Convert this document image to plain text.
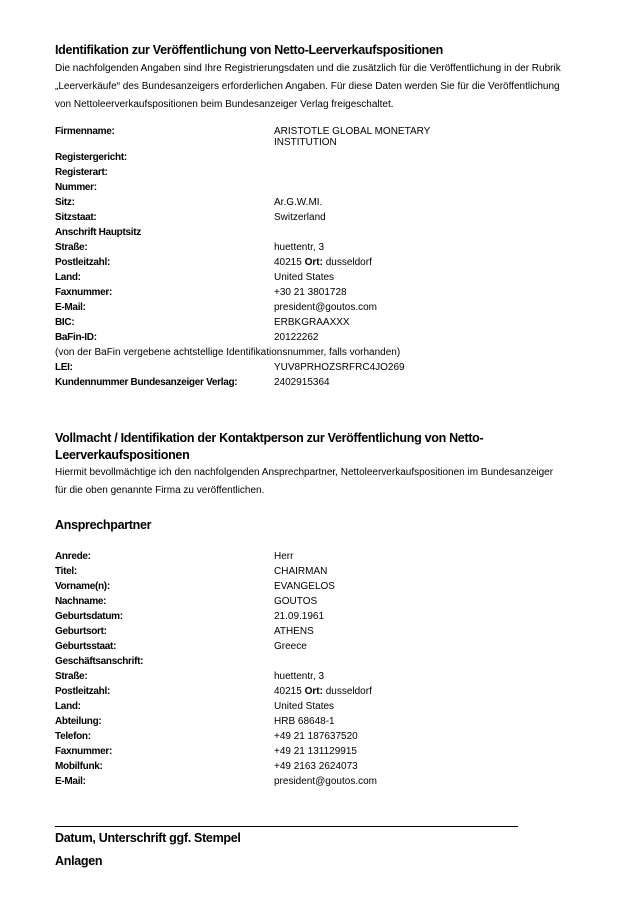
Identifikation zur Veröffentlichung von Netto-Leerverkaufspositionen
Die nachfolgenden Angaben sind Ihre Registrierungsdaten und die zusätzlich für die Veröffentlichung in der Rubrik
„Leerverkäufe“ des Bundesanzeigers erforderlichen Angaben. Für diese Daten werden Sie für die Veröffentlichung
von Nettoleerverkaufspositionen beim Bundesanzeiger Verlag freigeschaltet.
Firmenname:	ARISTOTLE GLOBAL MONETARY INSTITUTION
Registergericht:
Registerart:
Nummer:
Sitz:	Ar.G.W.MI.
Sitzstaat:	Switzerland
Anschrift Hauptsitz
Straße:	huettentr, 3
Postleitzahl:	40215 Ort: dusseldorf
Land:	United States
Faxnummer:	+30 21 3801728
E-Mail:	president@goutos.com
BIC:	ERBKGRAAXXX
BaFin-ID:	20122262
(von der BaFin vergebene achtstellige Identifikationsnummer, falls vorhanden)
LEI:	YUV8PRHOZSRFRC4JO269
Kundennummer Bundesanzeiger Verlag:	2402915364
Vollmacht / Identifikation der Kontaktperson zur Veröffentlichung von Netto-
Leerverkaufspositionen
Hiermit bevollmächtige ich den nachfolgenden Ansprechpartner, Nettoleerverkaufspositionen im Bundesanzeiger
für die oben genannte Firma zu veröffentlichen.
Ansprechpartner
Anrede:	Herr
Titel:	CHAIRMAN
Vorname(n):	EVANGELOS
Nachname:	GOUTOS
Geburtsdatum:	21.09.1961
Geburtsort:	ATHENS
Geburtsstaat:	Greece
Geschäftsanschrift:
Straße:	huettentr, 3
Postleitzahl:	40215 Ort: dusseldorf
Land:	United States
Abteilung:	HRB 68648-1
Telefon:	+49 21 187637520
Faxnummer:	+49 21 131129915
Mobilfunk:	+49 2163 2624073
E-Mail:	president@goutos.com
Datum, Unterschrift ggf. Stempel
Anlagen
